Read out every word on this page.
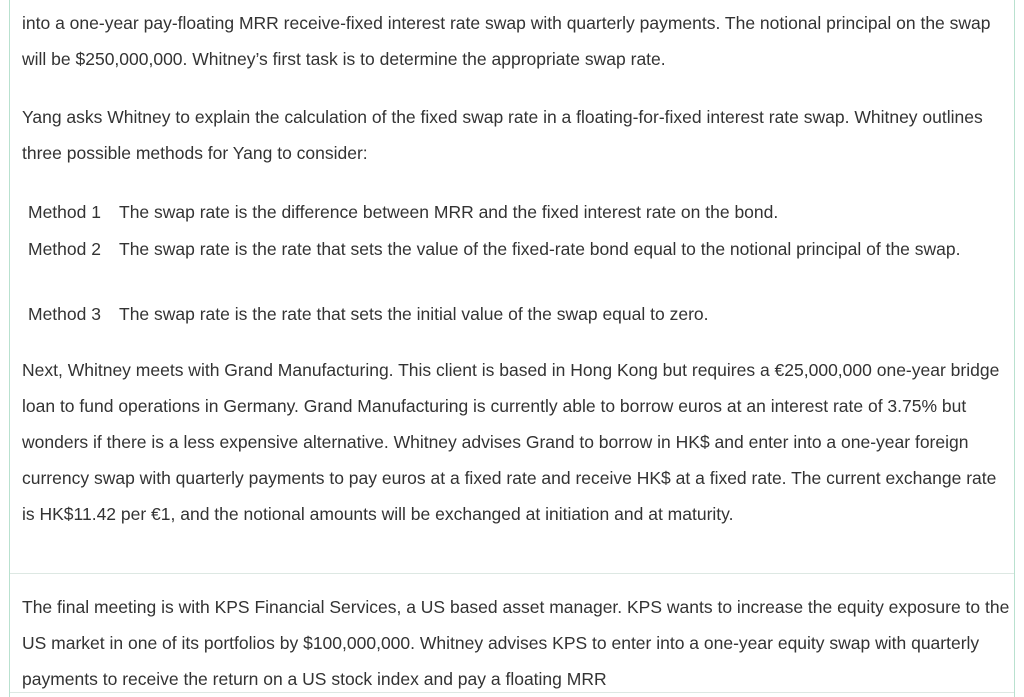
into a one-year pay-floating MRR receive-fixed interest rate swap with quarterly payments. The notional principal on the swap will be $250,000,000. Whitney’s first task is to determine the appropriate swap rate.

Yang asks Whitney to explain the calculation of the fixed swap rate in a floating-for-fixed interest rate swap. Whitney outlines three possible methods for Yang to consider:

Method 1	The swap rate is the difference between MRR and the fixed interest rate on the bond.
Method 2	The swap rate is the rate that sets the value of the fixed-rate bond equal to the notional principal of the swap.
Method 3	The swap rate is the rate that sets the initial value of the swap equal to zero.

Next, Whitney meets with Grand Manufacturing. This client is based in Hong Kong but requires a €25,000,000 one-year bridge loan to fund operations in Germany. Grand Manufacturing is currently able to borrow euros at an interest rate of 3.75% but wonders if there is a less expensive alternative. Whitney advises Grand to borrow in HK$ and enter into a one-year foreign currency swap with quarterly payments to pay euros at a fixed rate and receive HK$ at a fixed rate. The current exchange rate is HK$11.42 per €1, and the notional amounts will be exchanged at initiation and at maturity.

The final meeting is with KPS Financial Services, a US based asset manager. KPS wants to increase the equity exposure to the US market in one of its portfolios by $100,000,000. Whitney advises KPS to enter into a one-year equity swap with quarterly payments to receive the return on a US stock index and pay a floating MRR
